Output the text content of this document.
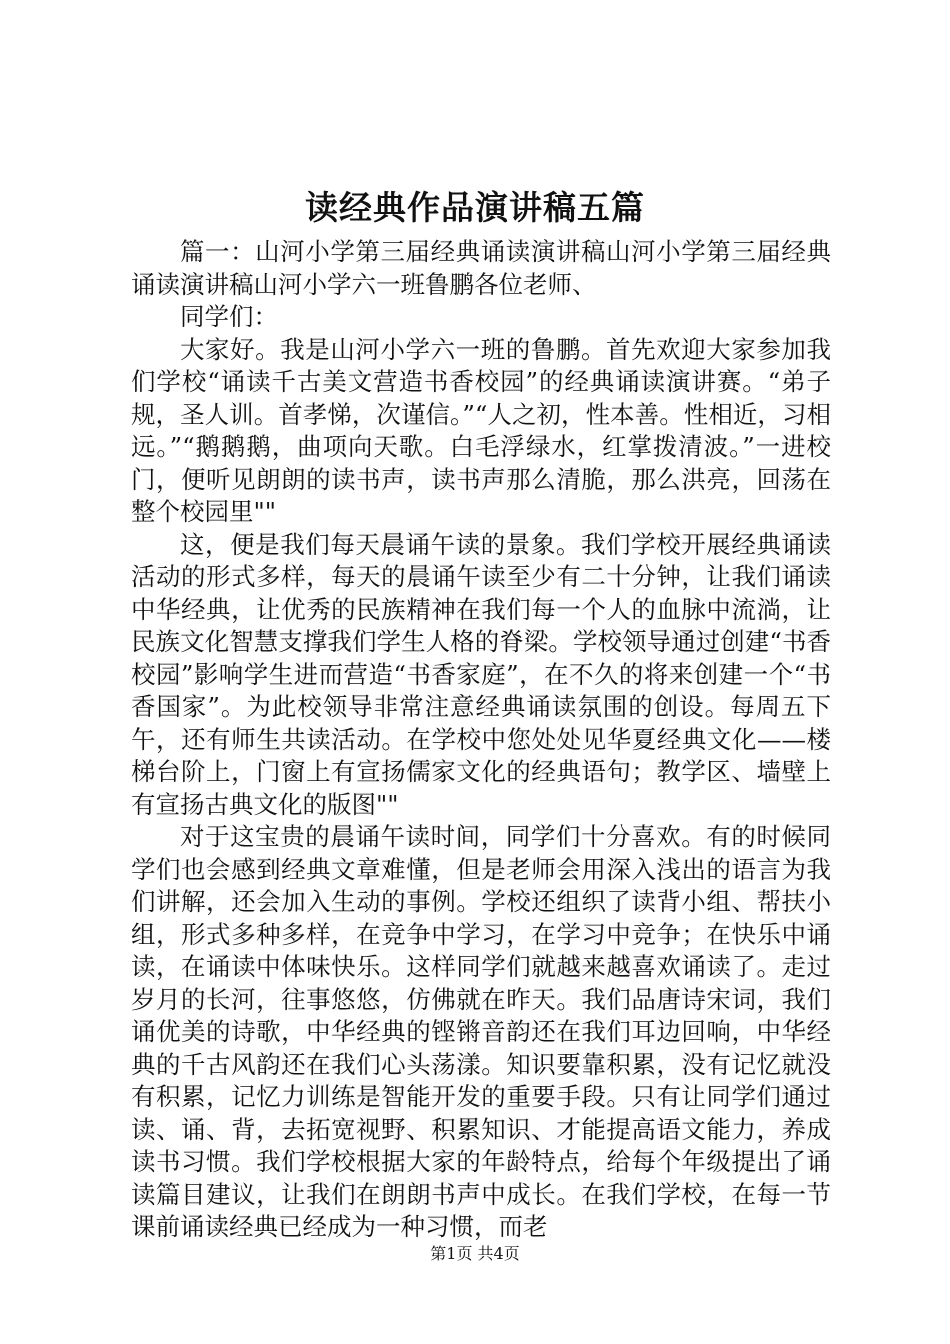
读经典作品演讲稿五篇

篇一：山河小学第三届经典诵读演讲稿山河小学第三届经典诵读演讲稿山河小学六一班鲁鹏各位老师、

同学们：

大家好。我是山河小学六一班的鲁鹏。首先欢迎大家参加我们学校“诵读千古美文营造书香校园”的经典诵读演讲赛。“弟子规，圣人训。首孝悌，次谨信。”“人之初，性本善。性相近，习相远。”“鹅鹅鹅，曲项向天歌。白毛浮绿水，红掌拨清波。”一进校门，便听见朗朗的读书声，读书声那么清脆，那么洪亮，回荡在整个校园里""

这，便是我们每天晨诵午读的景象。我们学校开展经典诵读活动的形式多样，每天的晨诵午读至少有二十分钟，让我们诵读中华经典，让优秀的民族精神在我们每一个人的血脉中流淌，让民族文化智慧支撑我们学生人格的脊梁。学校领导通过创建“书香校园”影响学生进而营造“书香家庭”，在不久的将来创建一个“书香国家”。为此校领导非常注意经典诵读氛围的创设。每周五下午，还有师生共读活动。在学校中您处处见华夏经典文化——楼梯台阶上，门窗上有宣扬儒家文化的经典语句；教学区、墙壁上有宣扬古典文化的版图""

对于这宝贵的晨诵午读时间，同学们十分喜欢。有的时候同学们也会感到经典文章难懂，但是老师会用深入浅出的语言为我们讲解，还会加入生动的事例。学校还组织了读背小组、帮扶小组，形式多种多样，在竞争中学习，在学习中竞争；在快乐中诵读，在诵读中体味快乐。这样同学们就越来越喜欢诵读了。走过岁月的长河，往事悠悠，仿佛就在昨天。我们品唐诗宋词，我们诵优美的诗歌，中华经典的铿锵音韵还在我们耳边回响，中华经典的千古风韵还在我们心头荡漾。知识要靠积累，没有记忆就没有积累，记忆力训练是智能开发的重要手段。只有让同学们通过读、诵、背，去拓宽视野、积累知识、才能提高语文能力，养成读书习惯。我们学校根据大家的年龄特点，给每个年级提出了诵读篇目建议，让我们在朗朗书声中成长。在我们学校，在每一节课前诵读经典已经成为一种习惯，而老

第1页 共4页
